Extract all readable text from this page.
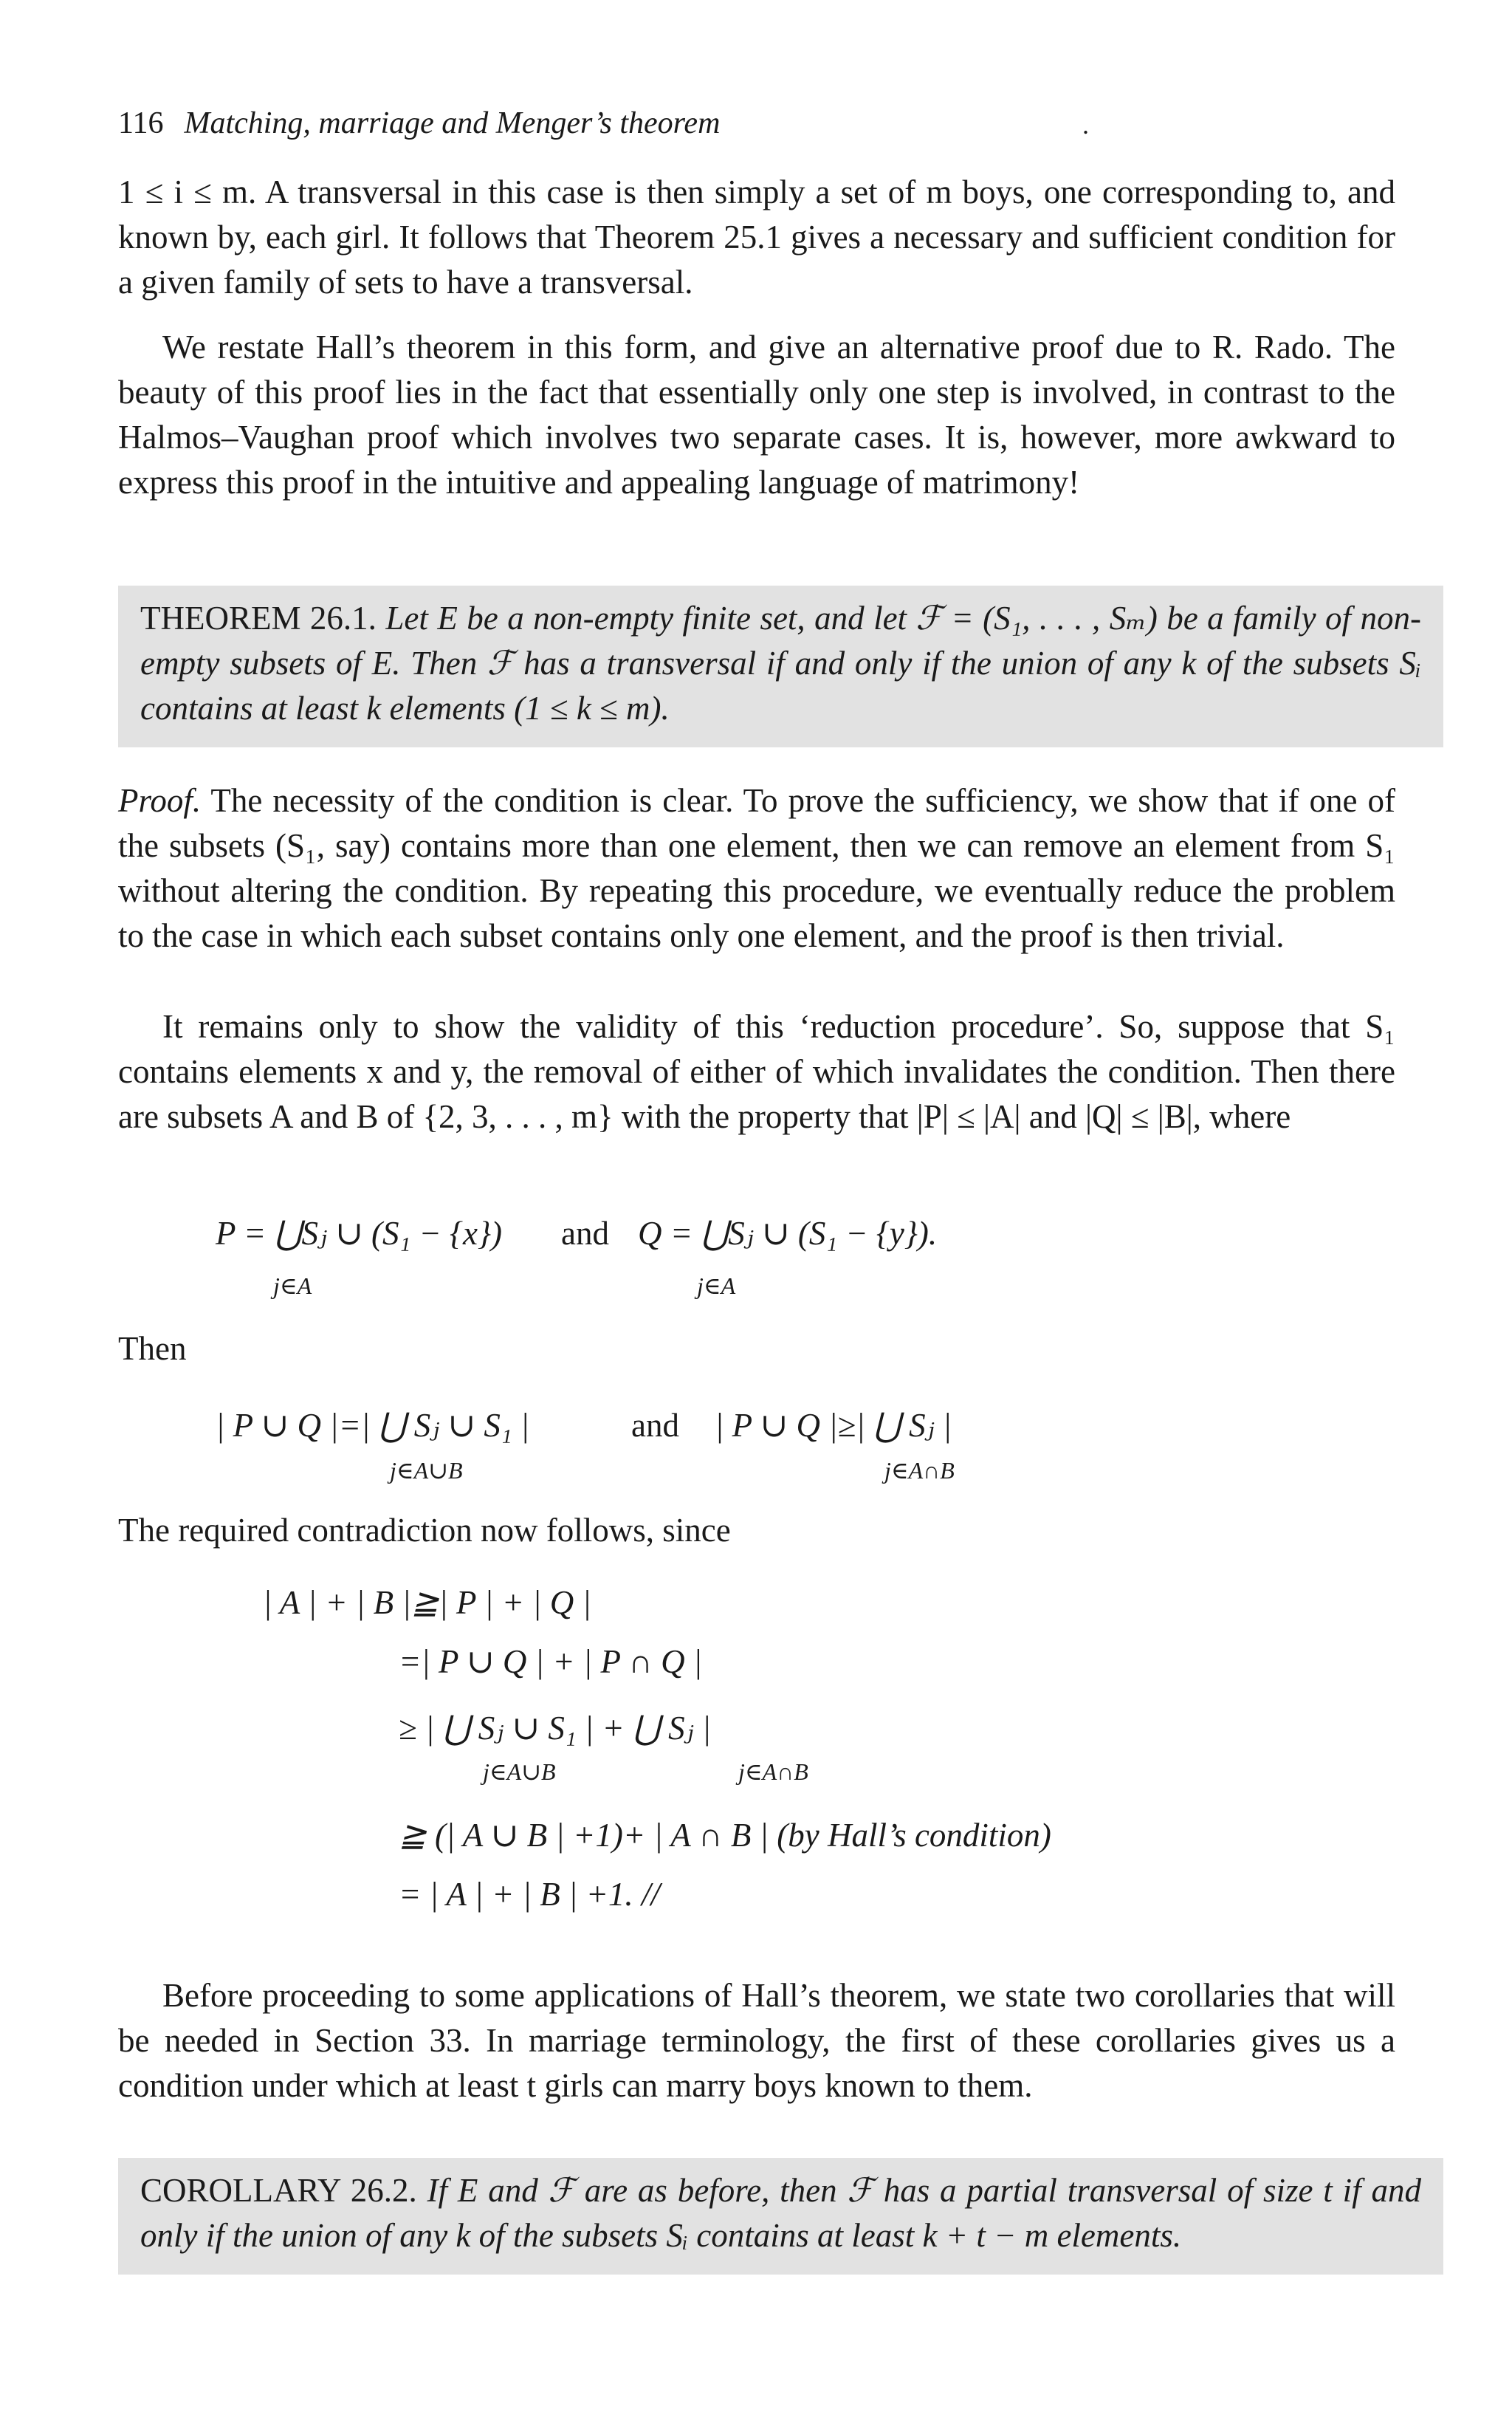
116 Matching, marriage and Menger’s theorem	.

1 ≤ i ≤ m. A transversal in this case is then simply a set of m boys, one corresponding to, and known by, each girl. It follows that Theorem 25.1 gives a necessary and sufficient condition for a given family of sets to have a transversal.

We restate Hall’s theorem in this form, and give an alternative proof due to R. Rado. The beauty of this proof lies in the fact that essentially only one step is involved, in contrast to the Halmos–Vaughan proof which involves two separate cases. It is, however, more awkward to express this proof in the intuitive and appealing language of matrimony!

THEOREM 26.1. Let E be a non-empty finite set, and let ℱ = (S₁, . . . , Sₘ) be a family of non-empty subsets of E. Then ℱ has a transversal if and only if the union of any k of the subsets Sᵢ contains at least k elements (1 ≤ k ≤ m).

Proof. The necessity of the condition is clear. To prove the sufficiency, we show that if one of the subsets (S₁, say) contains more than one element, then we can remove an element from S₁ without altering the condition. By repeating this procedure, we eventually reduce the problem to the case in which each subset contains only one element, and the proof is then trivial.

It remains only to show the validity of this ‘reduction procedure’. So, suppose that S₁ contains elements x and y, the removal of either of which invalidates the condition. Then there are subsets A and B of {2, 3, . . . , m} with the property that |P| ≤ |A| and |Q| ≤ |B|, where

P = ⋃Sⱼ ∪ (S₁ − {x})
j∈A
and Q = ⋃Sⱼ ∪ (S₁ − {y}).
j∈A
Then
| P ∪ Q |=| ⋃ Sⱼ ∪ S₁ |
j∈A∪B
and | P ∪ Q |≥| ⋃ Sⱼ |
j∈A∩B
The required contradiction now follows, since
| A | + | B |≧| P | + | Q |
=| P ∪ Q | + | P ∩ Q |
≥ | ⋃ Sⱼ ∪ S₁ | + ⋃ Sⱼ |
j∈A∪B	j∈A∩B
≧ (| A ∪ B | +1)+ | A ∩ B | (by Hall’s condition)
= | A | + | B | +1. //

Before proceeding to some applications of Hall’s theorem, we state two corollaries that will be needed in Section 33. In marriage terminology, the first of these corollaries gives us a condition under which at least t girls can marry boys known to them.

COROLLARY 26.2. If E and ℱ are as before, then ℱ has a partial transversal of size t if and only if the union of any k of the subsets Sᵢ contains at least k + t − m elements.
